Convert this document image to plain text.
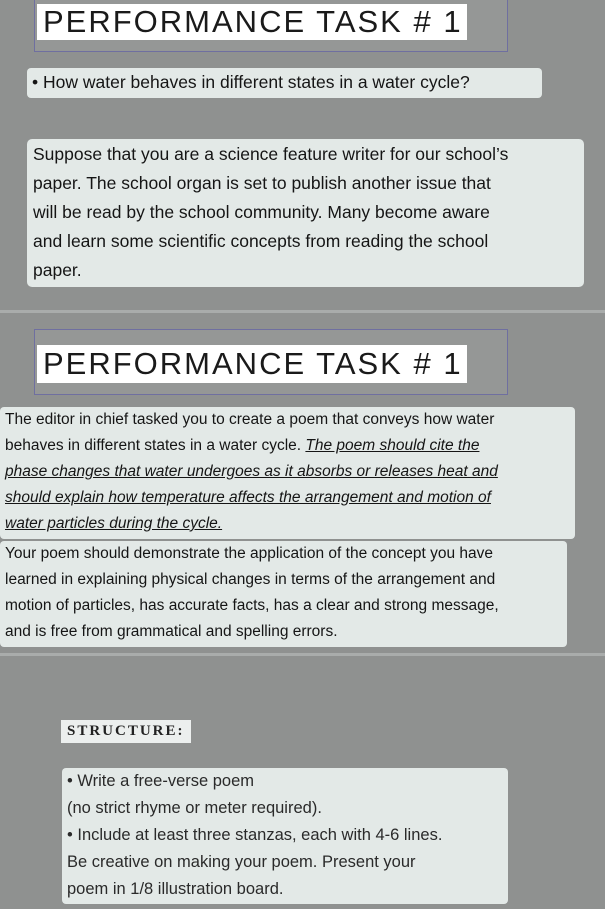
PERFORMANCE TASK # 1
• How water behaves in different states in a water cycle?
Suppose that you are a science feature writer for our school’s
paper. The school organ is set to publish another issue that
will be read by the school community. Many become aware
and learn some scientific concepts from reading the school
paper.
PERFORMANCE TASK # 1
The editor in chief tasked you to create a poem that conveys how water
behaves in different states in a water cycle. The poem should cite the
phase changes that water undergoes as it absorbs or releases heat and
should explain how temperature affects the arrangement and motion of
water particles during the cycle.
Your poem should demonstrate the application of the concept you have
learned in explaining physical changes in terms of the arrangement and
motion of particles, has accurate facts, has a clear and strong message,
and is free from grammatical and spelling errors.
STRUCTURE:
• Write a free-verse poem
(no strict rhyme or meter required).
• Include at least three stanzas, each with 4-6 lines.
Be creative on making your poem. Present your
poem in 1/8 illustration board.
